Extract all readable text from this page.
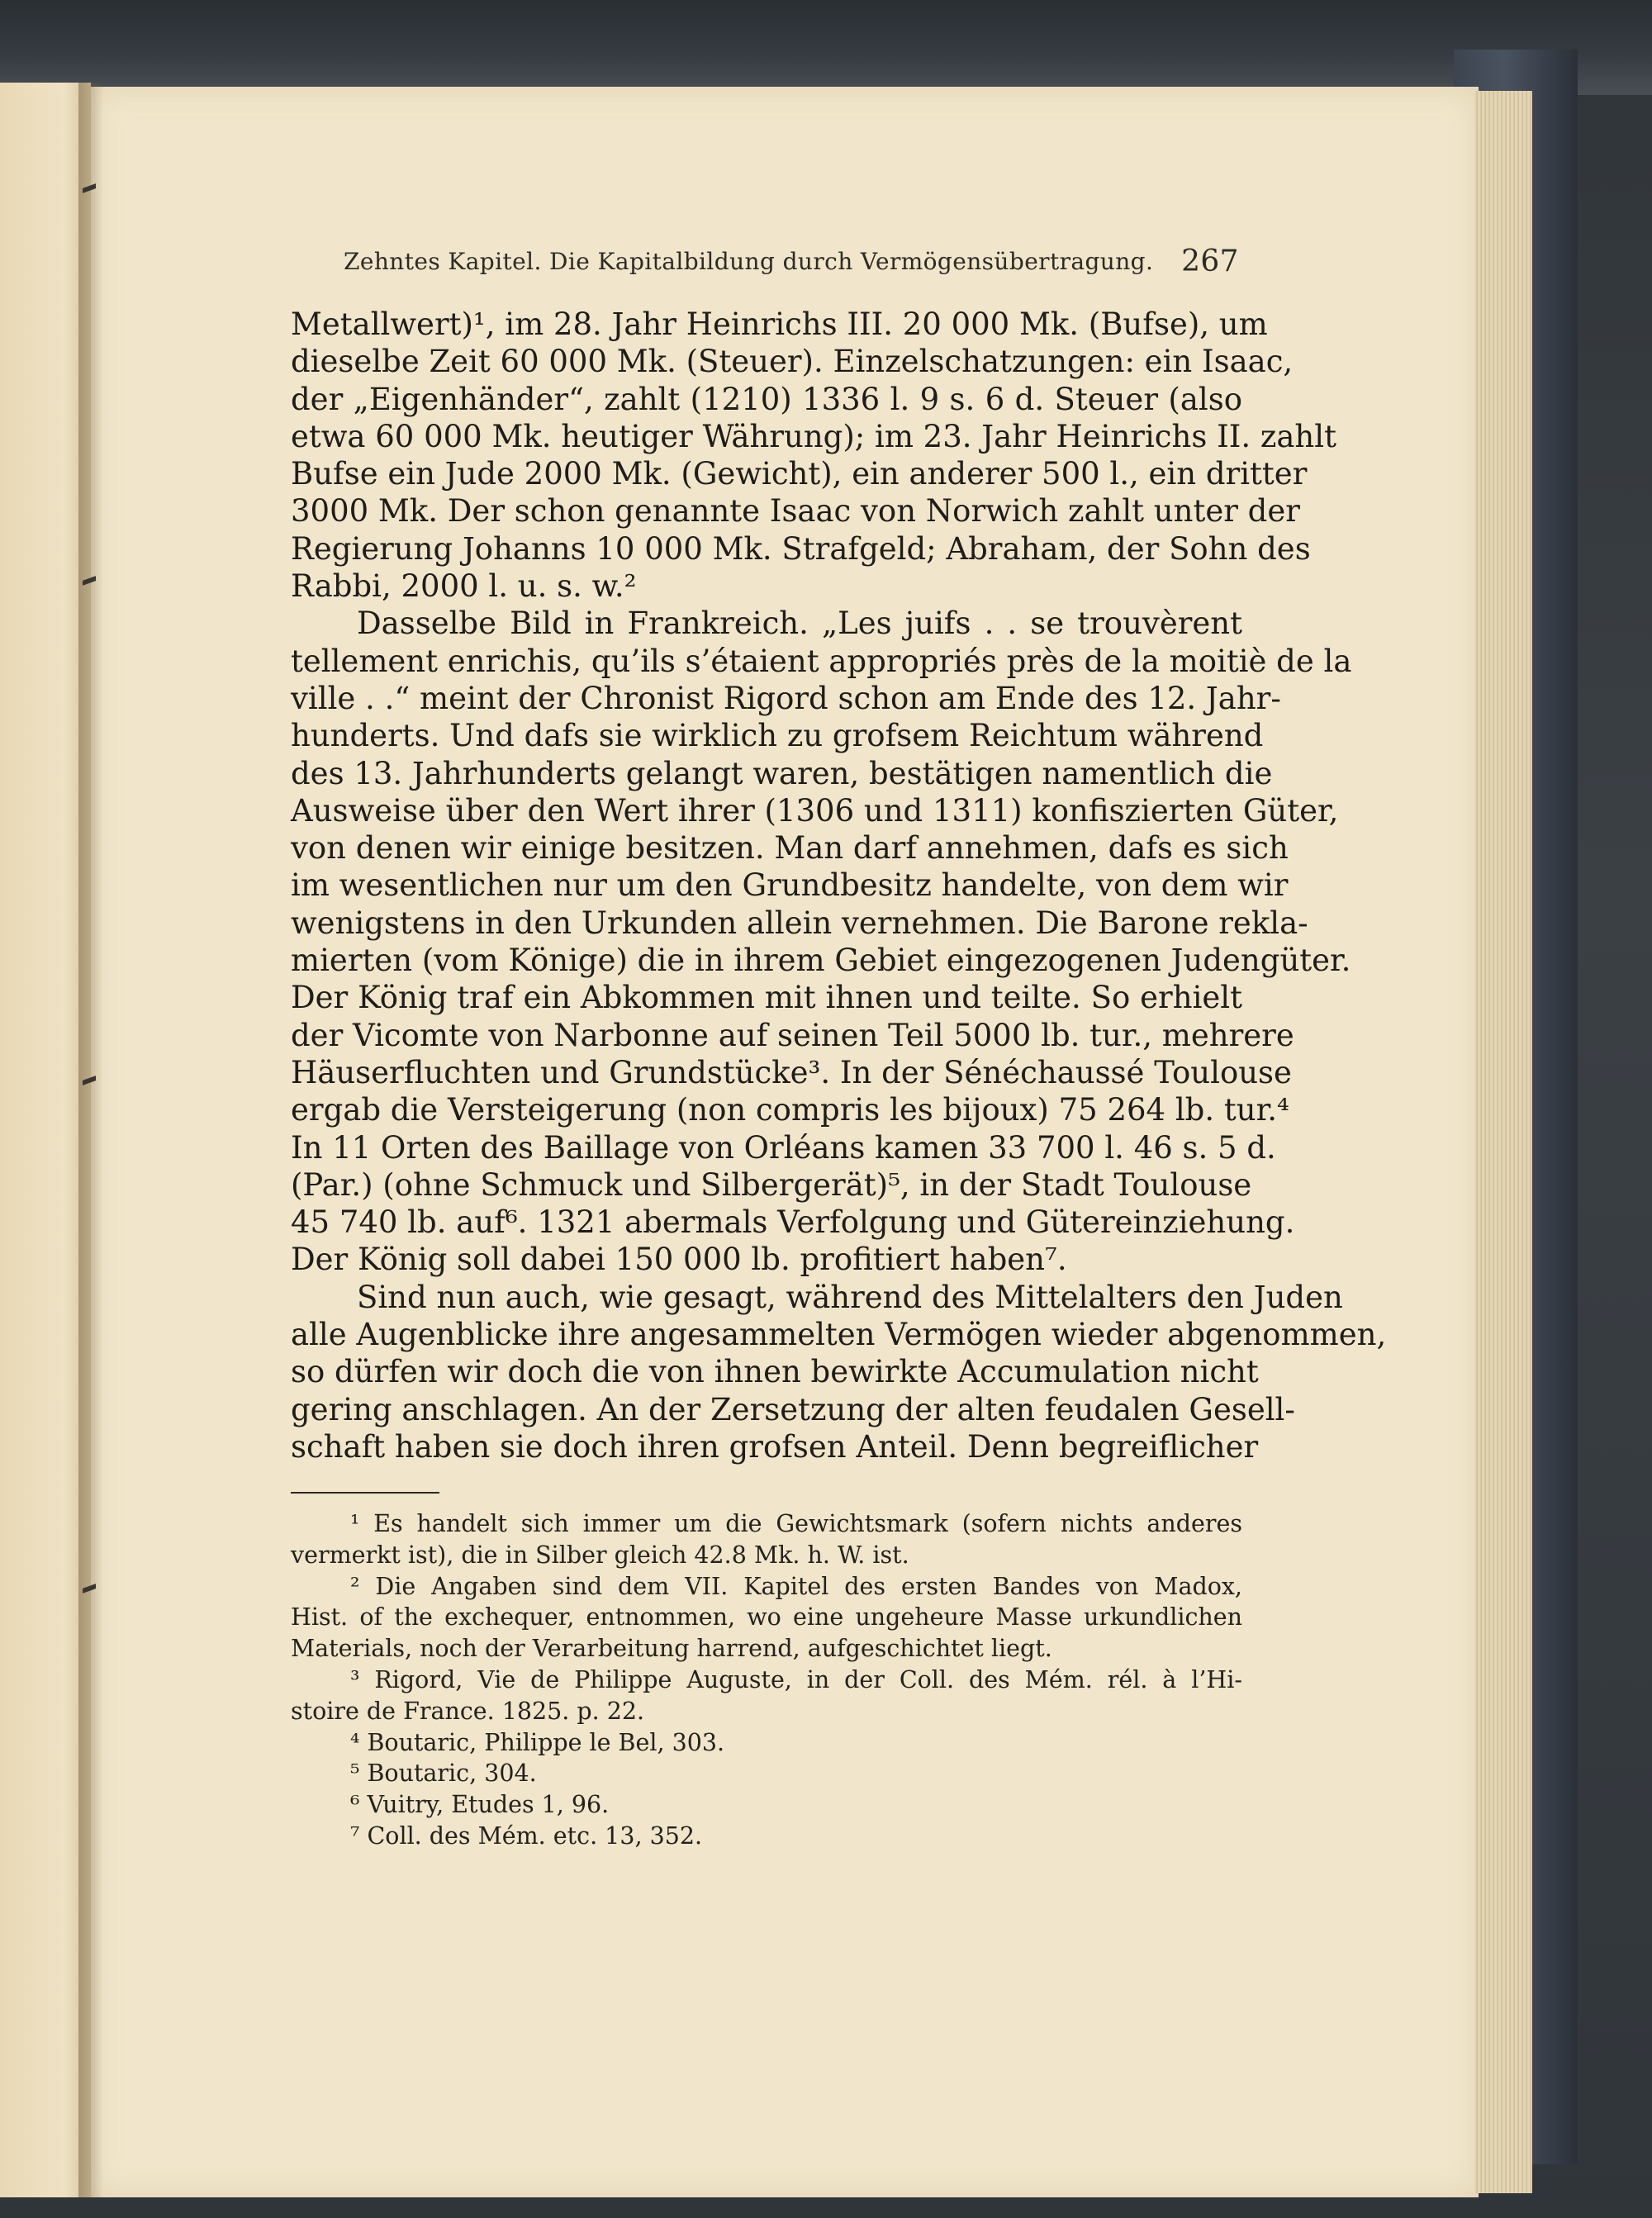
Zehntes Kapitel. Die Kapitalbildung durch Vermögensübertragung. 267
Metallwert)¹, im 28. Jahr Heinrichs III. 20 000 Mk. (Bufse), um
dieselbe Zeit 60 000 Mk. (Steuer). Einzelschatzungen: ein Isaac,
der „Eigenhänder“, zahlt (1210) 1336 l. 9 s. 6 d. Steuer (also
etwa 60 000 Mk. heutiger Währung); im 23. Jahr Heinrichs II. zahlt
Bufse ein Jude 2000 Mk. (Gewicht), ein anderer 500 l., ein dritter
3000 Mk. Der schon genannte Isaac von Norwich zahlt unter der
Regierung Johanns 10 000 Mk. Strafgeld; Abraham, der Sohn des
Rabbi, 2000 l. u. s. w.²
Dasselbe Bild in Frankreich. „Les juifs . . se trouvèrent
tellement enrichis, qu’ils s’étaient appropriés près de la moitiè de la
ville . .“ meint der Chronist Rigord schon am Ende des 12. Jahr-
hunderts. Und dafs sie wirklich zu grofsem Reichtum während
des 13. Jahrhunderts gelangt waren, bestätigen namentlich die
Ausweise über den Wert ihrer (1306 und 1311) konfiszierten Güter,
von denen wir einige besitzen. Man darf annehmen, dafs es sich
im wesentlichen nur um den Grundbesitz handelte, von dem wir
wenigstens in den Urkunden allein vernehmen. Die Barone rekla-
mierten (vom Könige) die in ihrem Gebiet eingezogenen Judengüter.
Der König traf ein Abkommen mit ihnen und teilte. So erhielt
der Vicomte von Narbonne auf seinen Teil 5000 lb. tur., mehrere
Häuserfluchten und Grundstücke³. In der Sénéchaussé Toulouse
ergab die Versteigerung (non compris les bijoux) 75 264 lb. tur.⁴
In 11 Orten des Baillage von Orléans kamen 33 700 l. 46 s. 5 d.
(Par.) (ohne Schmuck und Silbergerät)⁵, in der Stadt Toulouse
45 740 lb. auf⁶. 1321 abermals Verfolgung und Gütereinziehung.
Der König soll dabei 150 000 lb. profitiert haben⁷.
Sind nun auch, wie gesagt, während des Mittelalters den Juden
alle Augenblicke ihre angesammelten Vermögen wieder abgenommen,
so dürfen wir doch die von ihnen bewirkte Accumulation nicht
gering anschlagen. An der Zersetzung der alten feudalen Gesell-
schaft haben sie doch ihren grofsen Anteil. Denn begreiflicher
¹ Es handelt sich immer um die Gewichtsmark (sofern nichts anderes
vermerkt ist), die in Silber gleich 42.8 Mk. h. W. ist.
² Die Angaben sind dem VII. Kapitel des ersten Bandes von Madox,
Hist. of the exchequer, entnommen, wo eine ungeheure Masse urkundlichen
Materials, noch der Verarbeitung harrend, aufgeschichtet liegt.
³ Rigord, Vie de Philippe Auguste, in der Coll. des Mém. rél. à l’Hi-
stoire de France. 1825. p. 22.
⁴ Boutaric, Philippe le Bel, 303.
⁵ Boutaric, 304.
⁶ Vuitry, Etudes 1, 96.
⁷ Coll. des Mém. etc. 13, 352.
